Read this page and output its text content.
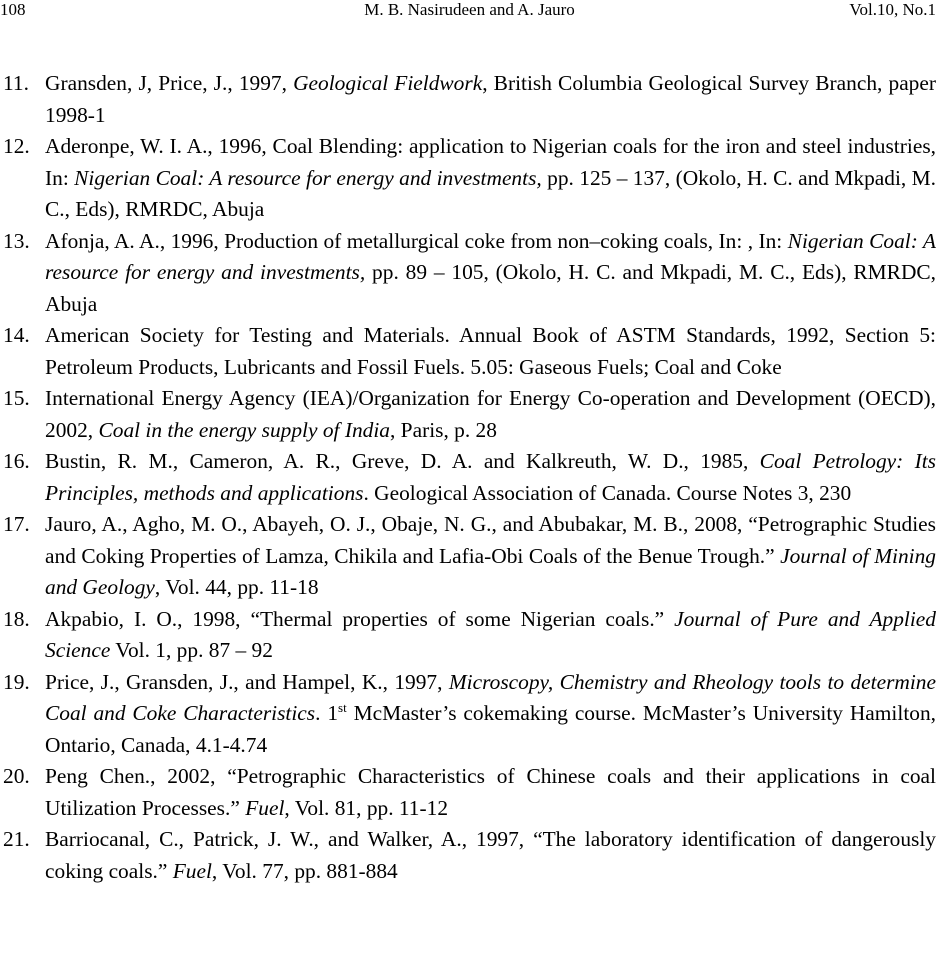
108	M. B. Nasirudeen and A. Jauro	Vol.10, No.1
11. Gransden, J, Price, J., 1997, Geological Fieldwork, British Columbia Geological Survey Branch, paper 1998-1
12. Aderonpe, W. I. A., 1996, Coal Blending: application to Nigerian coals for the iron and steel industries, In: Nigerian Coal: A resource for energy and investments, pp. 125 – 137, (Okolo, H. C. and Mkpadi, M. C., Eds), RMRDC, Abuja
13. Afonja, A. A., 1996, Production of metallurgical coke from non–coking coals, In: , In: Nigerian Coal: A resource for energy and investments, pp. 89 – 105, (Okolo, H. C. and Mkpadi, M. C., Eds), RMRDC, Abuja
14. American Society for Testing and Materials. Annual Book of ASTM Standards, 1992, Section 5: Petroleum Products, Lubricants and Fossil Fuels. 5.05: Gaseous Fuels; Coal and Coke
15. International Energy Agency (IEA)/Organization for Energy Co-operation and Development (OECD), 2002, Coal in the energy supply of India, Paris, p. 28
16. Bustin, R. M., Cameron, A. R., Greve, D. A. and Kalkreuth, W. D., 1985, Coal Petrology: Its Principles, methods and applications. Geological Association of Canada. Course Notes 3, 230
17. Jauro, A., Agho, M. O., Abayeh, O. J., Obaje, N. G., and Abubakar, M. B., 2008, “Petrographic Studies and Coking Properties of Lamza, Chikila and Lafia-Obi Coals of the Benue Trough.” Journal of Mining and Geology, Vol. 44, pp. 11-18
18. Akpabio, I. O., 1998, “Thermal properties of some Nigerian coals.” Journal of Pure and Applied Science Vol. 1, pp. 87 – 92
19. Price, J., Gransden, J., and Hampel, K., 1997, Microscopy, Chemistry and Rheology tools to determine Coal and Coke Characteristics. 1st McMaster’s cokemaking course. McMaster’s University Hamilton, Ontario, Canada, 4.1-4.74
20. Peng Chen., 2002, “Petrographic Characteristics of Chinese coals and their applications in coal Utilization Processes.” Fuel, Vol. 81, pp. 11-12
21. Barriocanal, C., Patrick, J. W., and Walker, A., 1997, “The laboratory identification of dangerously coking coals.” Fuel, Vol. 77, pp. 881-884
